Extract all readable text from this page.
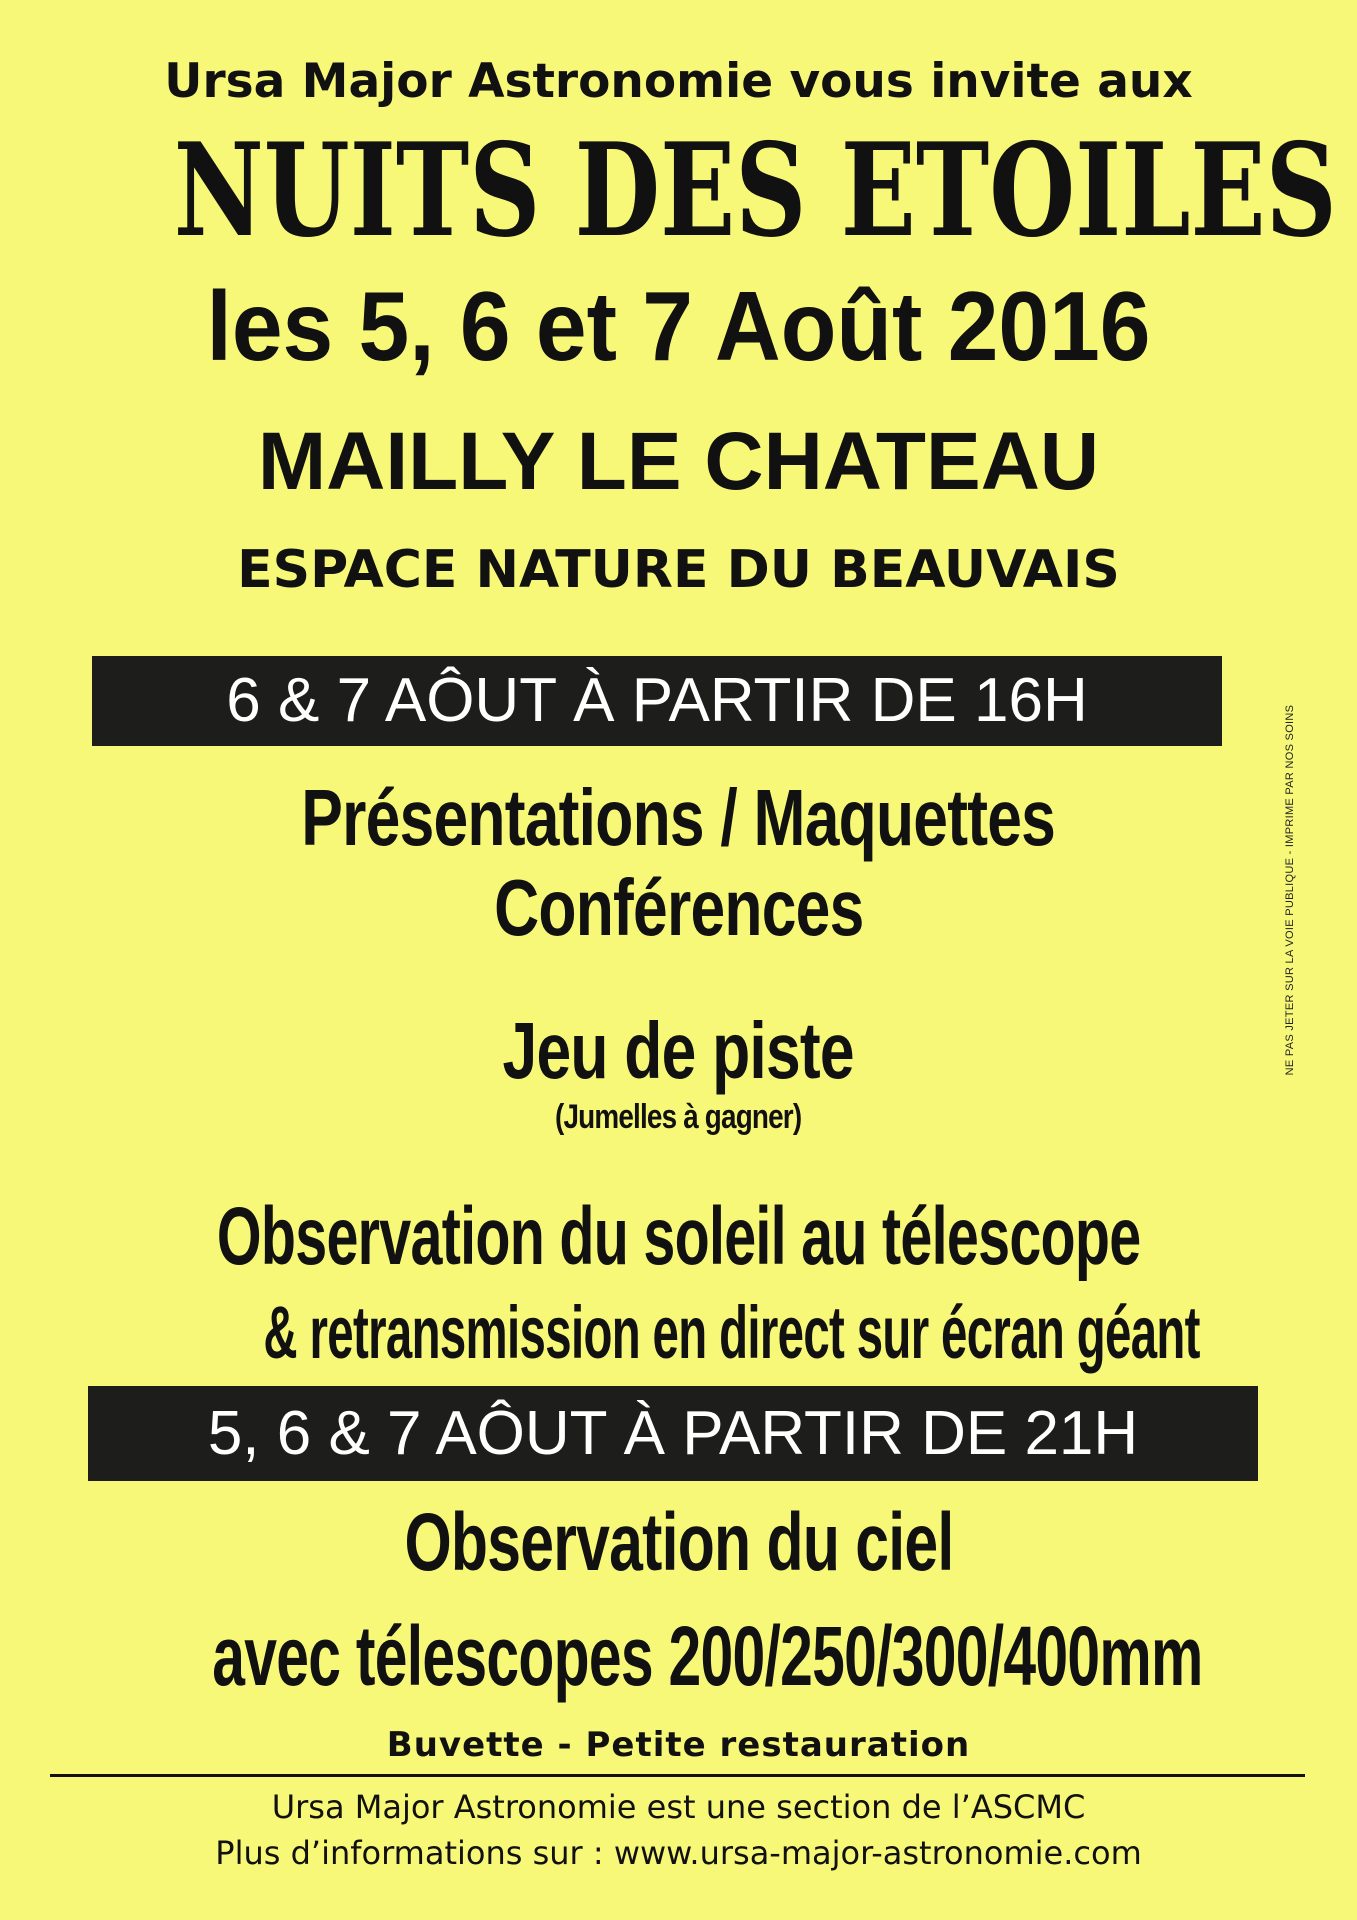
Ursa Major Astronomie vous invite aux
NUITS DES ETOILES
les 5, 6 et 7 Août 2016
MAILLY LE CHATEAU
ESPACE NATURE DU BEAUVAIS
6 & 7 AÔUT À PARTIR DE 16H
Présentations / Maquettes
Conférences
Jeu de piste
(Jumelles à gagner)
Observation du soleil au télescope
& retransmission en direct sur écran géant
5, 6 & 7 AÔUT À PARTIR DE 21H
Observation du ciel
avec télescopes 200/250/300/400mm
Buvette - Petite restauration
Ursa Major Astronomie est une section de l’ASCMC
Plus d’informations sur : www.ursa-major-astronomie.com
NE PAS JETER SUR LA VOIE PUBLIQUE - IMPRIME PAR NOS SOINS
